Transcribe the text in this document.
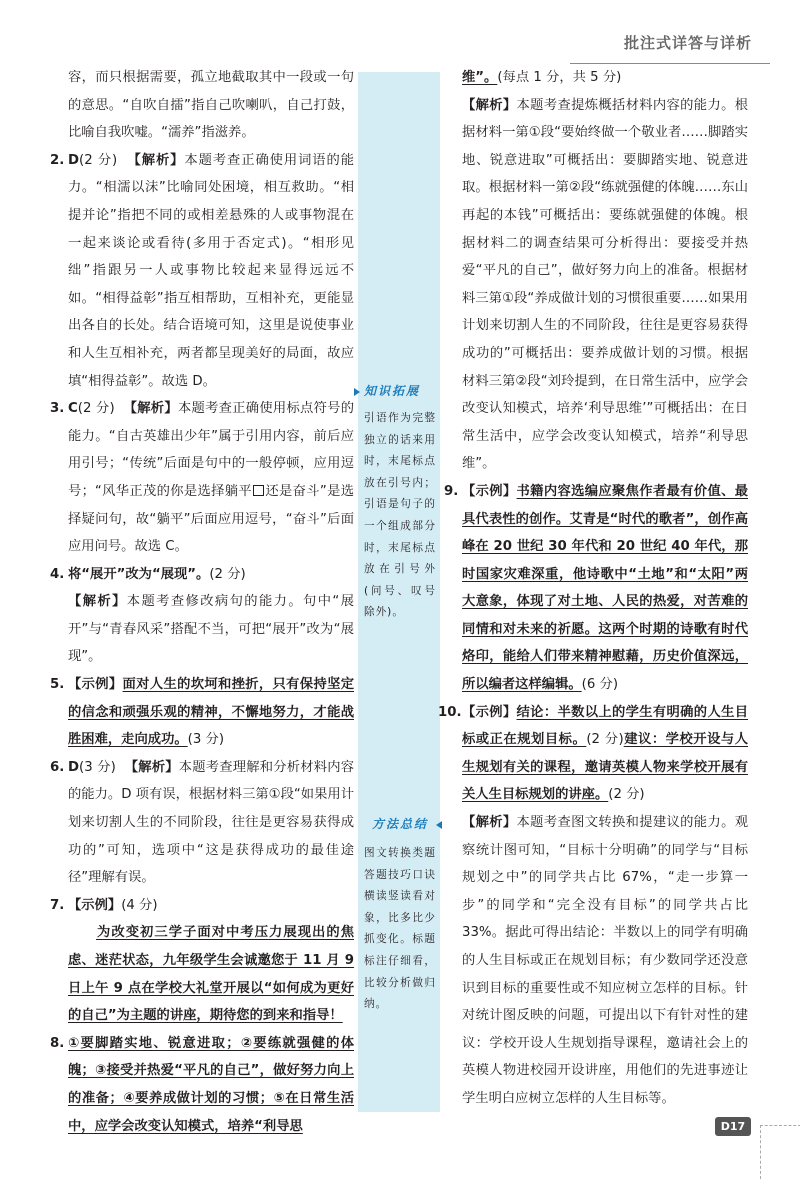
批注式详答与详析

容，而只根据需要，孤立地截取其中一段或一句的意思。“自吹自擂”指自己吹喇叭，自己打鼓，比喻自我吹嘘。“濡养”指滋养。

2. D(2 分) 【解析】本题考查正确使用词语的能力。“相濡以沫”比喻同处困境，相互救助。“相提并论”指把不同的或相差悬殊的人或事物混在一起来谈论或看待(多用于否定式)。“相形见绌”指跟另一人或事物比较起来显得远远不如。“相得益彰”指互相帮助，互相补充，更能显出各自的长处。结合语境可知，这里是说使事业和人生互相补充，两者都呈现美好的局面，故应填“相得益彰”。故选 D。
3. C(2 分) 【解析】本题考查正确使用标点符号的能力。“自古英雄出少年”属于引用内容，前后应用引号；“传统”后面是句中的一般停顿，应用逗号；“风华正茂的你是选择躺平 还是奋斗”是选择疑问句，故“躺平”后面应用逗号，“奋斗”后面应用问号。故选 C。
4. 将“展开”改为“展现”。(2 分)
【解析】本题考查修改病句的能力。句中“展开”与“青春风采”搭配不当，可把“展开”改为“展现”。
5. 【示例】面对人生的坎坷和挫折，只有保持坚定的信念和顽强乐观的精神，不懈地努力，才能战胜困难，走向成功。(3 分)
6. D(3 分) 【解析】本题考查理解和分析材料内容的能力。D 项有误，根据材料三第①段“如果用计划来切割人生的不同阶段，往往是更容易获得成功的”可知，选项中“这是获得成功的最佳途径”理解有误。
7. 【示例】(4 分)
为改变初三学子面对中考压力展现出的焦虑、迷茫状态，九年级学生会诚邀您于 11 月 9 日上午 9 点在学校大礼堂开展以“如何成为更好的自己”为主题的讲座，期待您的到来和指导！
8. ①要脚踏实地、锐意进取；②要练就强健的体魄；③接受并热爱“平凡的自己”，做好努力向上的准备；④要养成做计划的习惯；⑤在日常生活中，应学会改变认知模式，培养“利导思
知识拓展
引语作为完整独立的话来用时，末尾标点放在引号内；引语是句子的一个组成部分时，末尾标点放在引号外(问号、叹号除外)。
方法总结
图文转换类题答题技巧口诀横读竖读看对象，比多比少抓变化。标题标注仔细看，比较分析做归纳。
维”。(每点 1 分，共 5 分)
【解析】本题考查提炼概括材料内容的能力。根据材料一第①段“要始终做一个敬业者……脚踏实地、锐意进取”可概括出：要脚踏实地、锐意进取。根据材料一第②段“练就强健的体魄……东山再起的本钱”可概括出：要练就强健的体魄。根据材料二的调查结果可分析得出：要接受并热爱“平凡的自己”，做好努力向上的准备。根据材料三第①段“养成做计划的习惯很重要……如果用计划来切割人生的不同阶段，往往是更容易获得成功的”可概括出：要养成做计划的习惯。根据材料三第②段“刘玲提到，在日常生活中，应学会改变认知模式，培养‘利导思维’”可概括出：在日常生活中，应学会改变认知模式，培养“利导思维”。
9. 【示例】书籍内容选编应聚焦作者最有价值、最具代表性的创作。艾青是“时代的歌者”，创作高峰在 20 世纪 30 年代和 20 世纪 40 年代，那时国家灾难深重，他诗歌中“土地”和“太阳”两大意象，体现了对土地、人民的热爱，对苦难的同情和对未来的祈愿。这两个时期的诗歌有时代烙印，能给人们带来精神慰藉，历史价值深远，所以编者这样编辑。(6 分)
10. 【示例】结论：半数以上的学生有明确的人生目标或正在规划目标。(2 分)建议：学校开设与人生规划有关的课程，邀请英模人物来学校开展有关人生目标规划的讲座。(2 分)
【解析】本题考查图文转换和提建议的能力。观察统计图可知，“目标十分明确”的同学与“目标规划之中”的同学共占比 67%，“走一步算一步”的同学和“完全没有目标”的同学共占比 33%。据此可得出结论：半数以上的同学有明确的人生目标或正在规划目标；有少数同学还没意识到目标的重要性或不知应树立怎样的目标。针对统计图反映的问题，可提出以下有针对性的建议：学校开设人生规划指导课程，邀请社会上的英模人物进校园开设讲座，用他们的先进事迹让学生明白应树立怎样的人生目标等。
D17
